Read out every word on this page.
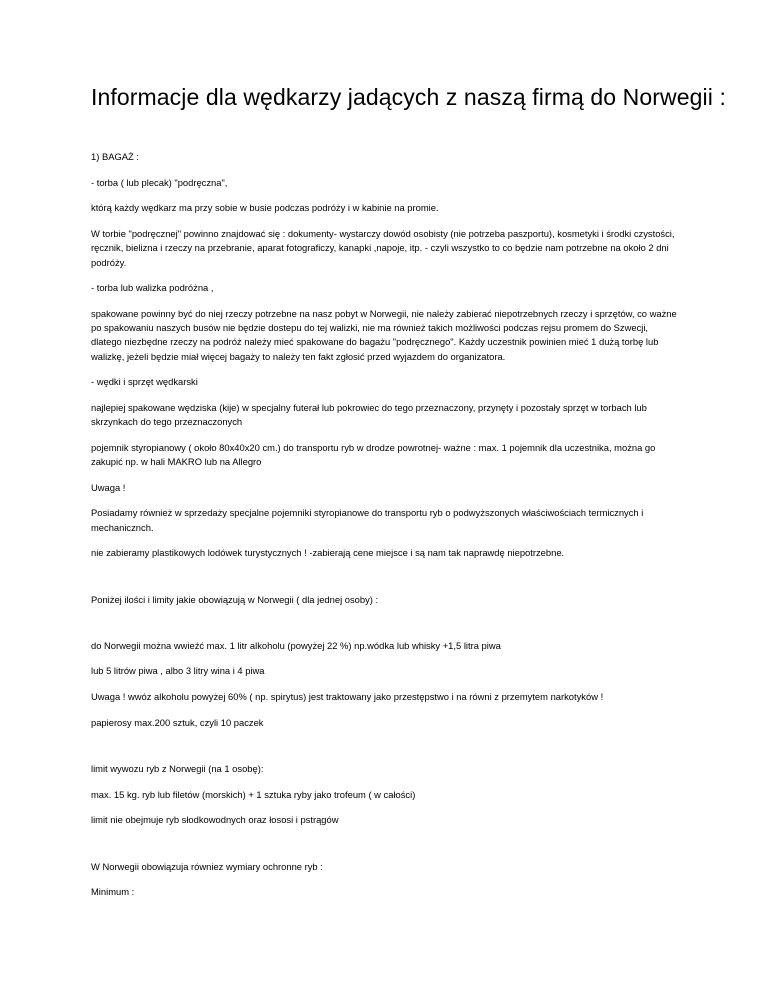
Informacje dla wędkarzy jadących z naszą firmą do Norwegii :

1) BAGAŻ :

- torba ( lub plecak) "podręczna",

którą każdy wędkarz ma przy sobie w busie podczas podróży i w kabinie na promie.

W torbie "podręcznej" powinno znajdować się : dokumenty- wystarczy dowód osobisty (nie potrzeba paszportu), kosmetyki i środki czystości, ręcznik, bielizna i rzeczy na przebranie, aparat fotograficzy, kanapki ,napoje, itp. - czyli wszystko to co będzie nam potrzebne na około 2 dni podróży.

- torba lub walizka podróżna ,

spakowane powinny być do niej rzeczy potrzebne na nasz pobyt w Norwegii, nie należy zabierać niepotrzebnych rzeczy i sprzętów, co ważne po spakowaniu naszych busów nie będzie dostepu do tej walizki, nie ma również takich możliwości podczas rejsu promem do Szwecji, dlatego niezbędne rzeczy na podróż należy mieć spakowane do bagażu "podręcznego". Każdy uczestnik powinien mieć 1 dużą torbę lub walizkę, jeżeli będzie miał więcej bagaży to należy ten fakt zgłosić przed wyjazdem do organizatora.

- wędki i sprzęt wędkarski

najlepiej spakowane wędziska (kije) w specjalny futerał lub pokrowiec do tego przeznaczony, przynęty i pozostały sprzęt w torbach lub skrzynkach do tego przeznaczonych

pojemnik styropianowy ( około 80x40x20 cm.) do transportu ryb w drodze powrotnej- ważne : max. 1 pojemnik dla uczestnika, można go zakupić np. w hali MAKRO lub na Allegro

Uwaga !

Posiadamy również w sprzedaży specjalne pojemniki styropianowe do transportu ryb o podwyższonych właściwościach termicznych i mechanicznch.

nie zabieramy plastikowych lodówek turystycznych ! -zabierają cene miejsce i są nam tak naprawdę niepotrzebne.

Poniżej ilości i limity jakie obowiązują w Norwegii ( dla jednej osoby) :

do Norwegii można wwieźć max. 1 litr alkoholu (powyżej 22 %) np.wódka lub whisky +1,5 litra piwa

lub 5 litrów piwa , albo 3 litry wina i 4 piwa

Uwaga ! wwóz alkoholu powyżej 60% ( np. spirytus) jest traktowany jako przestępstwo i na równi z przemytem narkotyków !

papierosy max.200 sztuk, czyli 10 paczek

limit wywozu ryb z Norwegii (na 1 osobę):

max. 15 kg. ryb lub filetów (morskich) + 1 sztuka ryby jako trofeum ( w całości)

limit nie obejmuje ryb słodkowodnych oraz łososi i pstrągów

W Norwegii obowiązuja równiez wymiary ochronne ryb :

Minimum :
